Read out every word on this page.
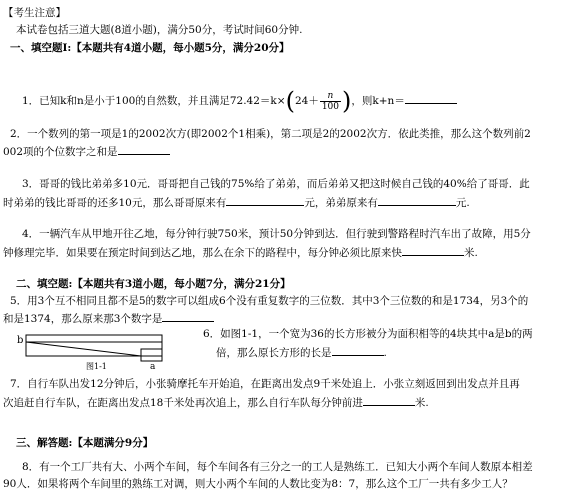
【考生注意】
本试卷包括三道大题(8道小题)，满分50分，考试时间60分钟.
一、填空题Ⅰ:【本题共有4道小题，每小题5分，满分20分】
1．已知k和n是小于100的自然数，并且满足$72.42=k\times(24+ \frac{n}{100}$ )，则k+n＝
2．一个数列的第一项是1的2002次方(即2002个1相乘)，第二项是2的2002次方．依此类推，那么这个数列前2
002项的个位数字之和是
3．哥哥的钱比弟弟多10元．哥哥把自己钱的75%给了弟弟，而后弟弟又把这时候自己钱的40%给了哥哥．此
时弟弟的钱比哥哥的还多10元，那么哥哥原来有	元，弟弟原来有	元.
4．一辆汽车从甲地开往乙地，每分钟行驶750米，预计50分钟到达．但行驶到警路程时汽车出了故障，用5分
钟修理完毕．如果要在预定时间到达乙地，那么在余下的路程中，每分钟必须比原来快	米.
二、填空题:【本题共有3道小题，每小题7分，满分21分】
5．用3个互不相同且都不是5的数字可以组成6个没有重复数字的三位数．其中3个三位数的和是1734，另3个的
和是1374，那么原来那3个数字是
b
a
图1-1
6．如图1-1，一个宽为36的长方形被分为面积相等的4块其中a是b的两
倍，那么原长方形的长是	.
7．自行车队出发12分钟后，小张骑摩托车开始追，在距离出发点9千米处追上．小张立刻返回到出发点并且再
次追赶自行车队，在距离出发点18千米处再次追上，那么自行车队每分钟前进	米.
三、解答题:【本题满分9分】
8．有一个工厂共有大、小两个车间，每个车间各有三分之一的工人是熟练工．已知大小两个车间人数原本相差
90人．如果将两个车间里的熟练工对调，则大小两个车间的人数比变为8：7，那么这个工厂一共有多少工人？
